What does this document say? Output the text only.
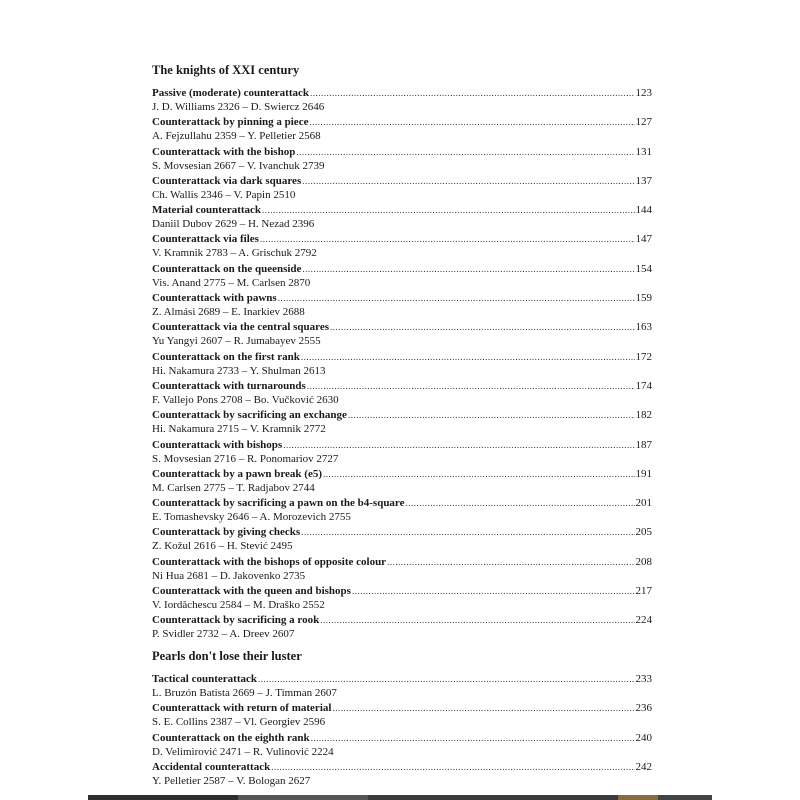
The knights of XXI century
Passive (moderate) counterattack .....	123
J. D. Williams 2326 – D. Swiercz 2646
Counterattack by pinning a piece .....	127
A. Fejzullahu 2359 – Y. Pelletier 2568
Counterattack with the bishop .....	131
S. Movsesian 2667 – V. Ivanchuk 2739
Counterattack via dark squares .....	137
Ch. Wallis 2346 – V. Papin 2510
Material counterattack .....	144
Daniil Dubov 2629 – H. Nezad 2396
Counterattack via files .....	147
V. Kramnik 2783 – A. Grischuk 2792
Counterattack on the queenside .....	154
Vis. Anand 2775 – M. Carlsen 2870
Counterattack with pawns .....	159
Z. Almási 2689 – E. Inarkiev 2688
Counterattack via the central squares .....	163
Yu Yangyi 2607 – R. Jumabayev 2555
Counterattack on the first rank .....	172
Hi. Nakamura 2733 – Y. Shulman 2613
Counterattack with turnarounds .....	174
F. Vallejo Pons 2708 – Bo. Vučković 2630
Counterattack by sacrificing an exchange .....	182
Hi. Nakamura 2715 – V. Kramnik 2772
Counterattack with bishops .....	187
S. Movsesian 2716 – R. Ponomariov 2727
Counterattack by a pawn break (e5) .....	191
M. Carlsen 2775 – T. Radjabov 2744
Counterattack by sacrificing a pawn on the b4-square .....	201
E. Tomashevsky 2646 – A. Morozevich 2755
Counterattack by giving checks .....	205
Z. Kožul 2616 – H. Stević 2495
Counterattack with the bishops of opposite colour .....	208
Ni Hua 2681 – D. Jakovenko 2735
Counterattack with the queen and bishops .....	217
V. Iordăchescu 2584 – M. Draško 2552
Counterattack by sacrificing a rook .....	224
P. Svidler 2732 – A. Dreev 2607
Pearls don't lose their luster
Tactical counterattack .....	233
L. Bruzón Batista 2669 – J. Timman 2607
Counterattack with return of material .....	236
S. E. Collins 2387 – Vl. Georgiev 2596
Counterattack on the eighth rank .....	240
D. Velimirović 2471 – R. Vulinović 2224
Accidental counterattack .....	242
Y. Pelletier 2587 – V. Bologan 2627
